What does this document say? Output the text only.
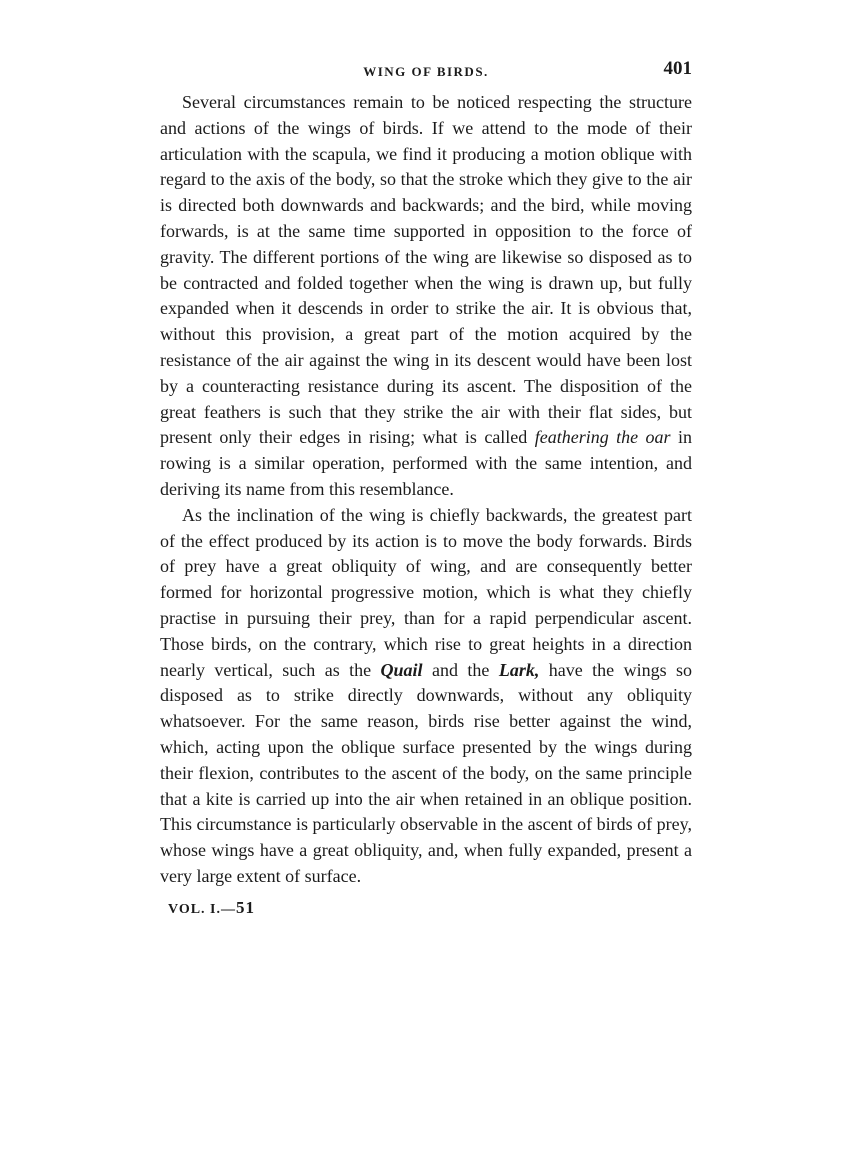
WING OF BIRDS.	401

Several circumstances remain to be noticed respecting the structure and actions of the wings of birds. If we attend to the mode of their articulation with the scapula, we find it producing a motion oblique with regard to the axis of the body, so that the stroke which they give to the air is directed both downwards and backwards; and the bird, while moving forwards, is at the same time supported in opposition to the force of gravity. The different portions of the wing are likewise so disposed as to be contracted and folded together when the wing is drawn up, but fully expanded when it descends in order to strike the air. It is obvious that, without this provision, a great part of the motion acquired by the resistance of the air against the wing in its descent would have been lost by a counteracting resistance during its ascent. The disposition of the great feathers is such that they strike the air with their flat sides, but present only their edges in rising; what is called feathering the oar in rowing is a similar operation, performed with the same intention, and deriving its name from this resemblance.

As the inclination of the wing is chiefly backwards, the greatest part of the effect produced by its action is to move the body forwards. Birds of prey have a great obliquity of wing, and are consequently better formed for horizontal progressive motion, which is what they chiefly practise in pursuing their prey, than for a rapid perpendicular ascent. Those birds, on the contrary, which rise to great heights in a direction nearly vertical, such as the Quail and the Lark, have the wings so disposed as to strike directly downwards, without any obliquity whatsoever. For the same reason, birds rise better against the wind, which, acting upon the oblique surface presented by the wings during their flexion, contributes to the ascent of the body, on the same principle that a kite is carried up into the air when retained in an oblique position. This circumstance is particularly observable in the ascent of birds of prey, whose wings have a great obliquity, and, when fully expanded, present a very large extent of surface.

VOL. I.—51
